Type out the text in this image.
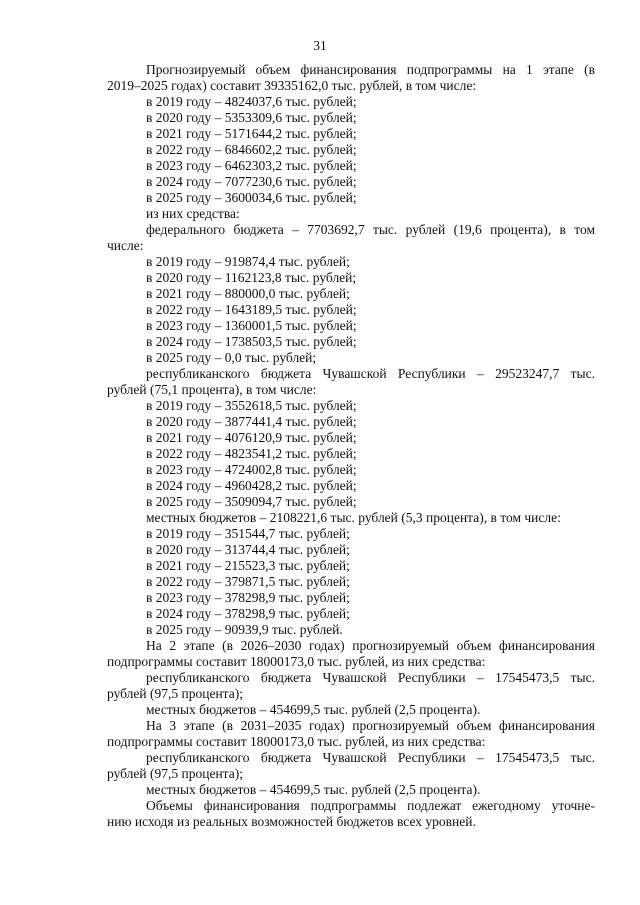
31
Прогнозируемый объем финансирования подпрограммы на 1 этапе (в
2019–2025 годах) составит 39335162,0 тыс. рублей, в том числе:
в 2019 году – 4824037,6 тыс. рублей;
в 2020 году – 5353309,6 тыс. рублей;
в 2021 году – 5171644,2 тыс. рублей;
в 2022 году – 6846602,2 тыс. рублей;
в 2023 году – 6462303,2 тыс. рублей;
в 2024 году – 7077230,6 тыс. рублей;
в 2025 году – 3600034,6 тыс. рублей;
из них средства:
федерального бюджета – 7703692,7 тыс. рублей (19,6 процента), в том
числе:
в 2019 году – 919874,4 тыс. рублей;
в 2020 году – 1162123,8 тыс. рублей;
в 2021 году – 880000,0 тыс. рублей;
в 2022 году – 1643189,5 тыс. рублей;
в 2023 году – 1360001,5 тыс. рублей;
в 2024 году – 1738503,5 тыс. рублей;
в 2025 году – 0,0 тыс. рублей;
республиканского бюджета Чувашской Республики – 29523247,7 тыс.
рублей (75,1 процента), в том числе:
в 2019 году – 3552618,5 тыс. рублей;
в 2020 году – 3877441,4 тыс. рублей;
в 2021 году – 4076120,9 тыс. рублей;
в 2022 году – 4823541,2 тыс. рублей;
в 2023 году – 4724002,8 тыс. рублей;
в 2024 году – 4960428,2 тыс. рублей;
в 2025 году – 3509094,7 тыс. рублей;
местных бюджетов – 2108221,6 тыс. рублей (5,3 процента), в том числе:
в 2019 году – 351544,7 тыс. рублей;
в 2020 году – 313744,4 тыс. рублей;
в 2021 году – 215523,3 тыс. рублей;
в 2022 году – 379871,5 тыс. рублей;
в 2023 году – 378298,9 тыс. рублей;
в 2024 году – 378298,9 тыс. рублей;
в 2025 году – 90939,9 тыс. рублей.
На 2 этапе (в 2026–2030 годах) прогнозируемый объем финансирования
подпрограммы составит 18000173,0 тыс. рублей, из них средства:
республиканского бюджета Чувашской Республики – 17545473,5 тыс.
рублей (97,5 процента);
местных бюджетов – 454699,5 тыс. рублей (2,5 процента).
На 3 этапе (в 2031–2035 годах) прогнозируемый объем финансирования
подпрограммы составит 18000173,0 тыс. рублей, из них средства:
республиканского бюджета Чувашской Республики – 17545473,5 тыс.
рублей (97,5 процента);
местных бюджетов – 454699,5 тыс. рублей (2,5 процента).
Объемы финансирования подпрограммы подлежат ежегодному уточне-
нию исходя из реальных возможностей бюджетов всех уровней.
